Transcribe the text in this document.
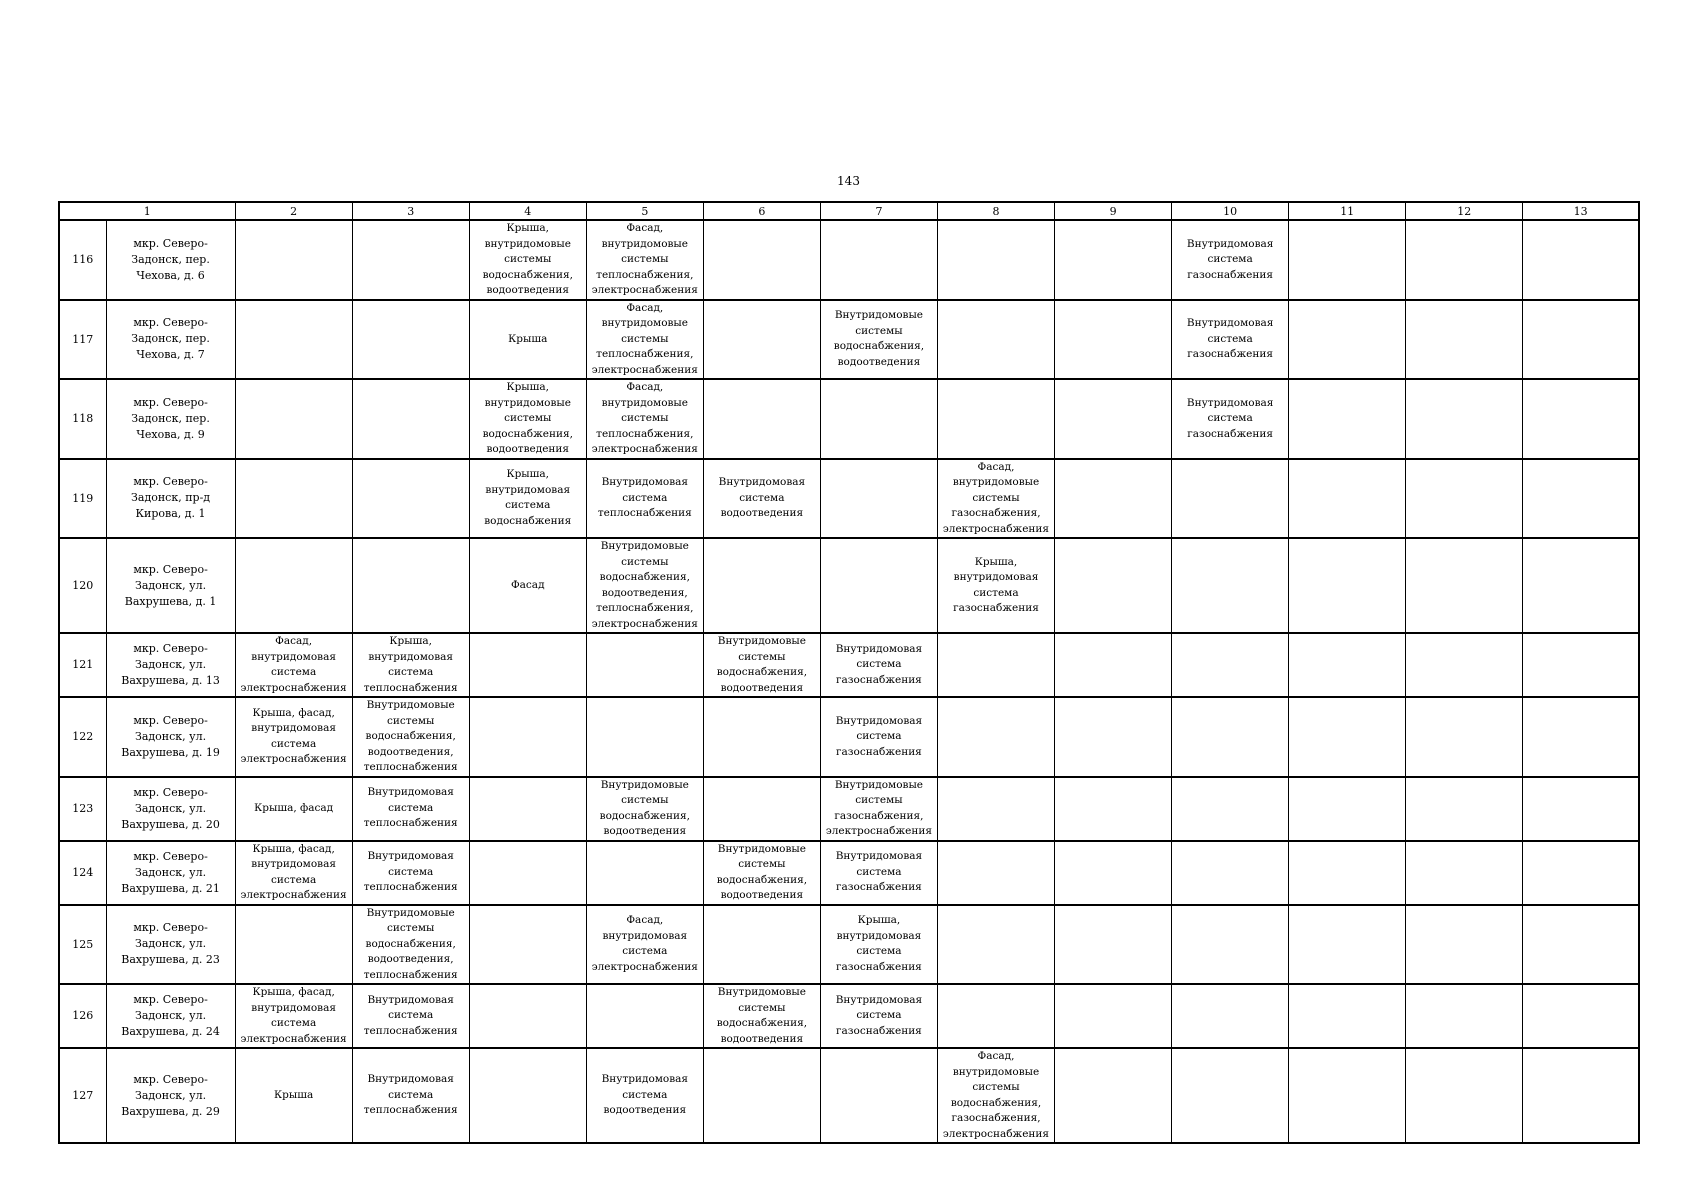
143
1		2	3	4	5	6	7	8	9	10	11	12	13
116	мкр. Северо-Задонск, пер. Чехова, д. 6			Крыша, внутридомовые системы водоснабжения, водоотведения	Фасад, внутридомовые системы теплоснабжения, электроснабжения					Внутридомовая система газоснабжения			
117	мкр. Северо-Задонск, пер. Чехова, д. 7			Крыша	Фасад, внутридомовые системы теплоснабжения, электроснабжения		Внутридомовые системы водоснабжения, водоотведения			Внутридомовая система газоснабжения			
118	мкр. Северо-Задонск, пер. Чехова, д. 9			Крыша, внутридомовые системы водоснабжения, водоотведения	Фасад, внутридомовые системы теплоснабжения, электроснабжения					Внутридомовая система газоснабжения			
119	мкр. Северо-Задонск, пр-д Кирова, д. 1			Крыша, внутридомовая система водоснабжения	Внутридомовая система теплоснабжения	Внутридомовая система водоотведения		Фасад, внутридомовые системы газоснабжения, электроснабжения					
120	мкр. Северо-Задонск, ул. Вахрушева, д. 1			Фасад	Внутридомовые системы водоснабжения, водоотведения, теплоснабжения, электроснабжения			Крыша, внутридомовая система газоснабжения					
121	мкр. Северо-Задонск, ул. Вахрушева, д. 13	Фасад, внутридомовая система электроснабжения	Крыша, внутридомовая система теплоснабжения			Внутридомовые системы водоснабжения, водоотведения	Внутридомовая система газоснабжения						
122	мкр. Северо-Задонск, ул. Вахрушева, д. 19	Крыша, фасад, внутридомовая система электроснабжения	Внутридомовые системы водоснабжения, водоотведения, теплоснабжения				Внутридомовая система газоснабжения						
123	мкр. Северо-Задонск, ул. Вахрушева, д. 20	Крыша, фасад	Внутридомовая система теплоснабжения		Внутридомовые системы водоснабжения, водоотведения		Внутридомовые системы газоснабжения, электроснабжения						
124	мкр. Северо-Задонск, ул. Вахрушева, д. 21	Крыша, фасад, внутридомовая система электроснабжения	Внутридомовая система теплоснабжения			Внутридомовые системы водоснабжения, водоотведения	Внутридомовая система газоснабжения						
125	мкр. Северо-Задонск, ул. Вахрушева, д. 23		Внутридомовые системы водоснабжения, водоотведения, теплоснабжения		Фасад, внутридомовая система электроснабжения		Крыша, внутридомовая система газоснабжения						
126	мкр. Северо-Задонск, ул. Вахрушева, д. 24	Крыша, фасад, внутридомовая система электроснабжения	Внутридомовая система теплоснабжения			Внутридомовые системы водоснабжения, водоотведения	Внутридомовая система газоснабжения						
127	мкр. Северо-Задонск, ул. Вахрушева, д. 29	Крыша	Внутридомовая система теплоснабжения		Внутридомовая система водоотведения			Фасад, внутридомовые системы водоснабжения, газоснабжения, электроснабжения					
